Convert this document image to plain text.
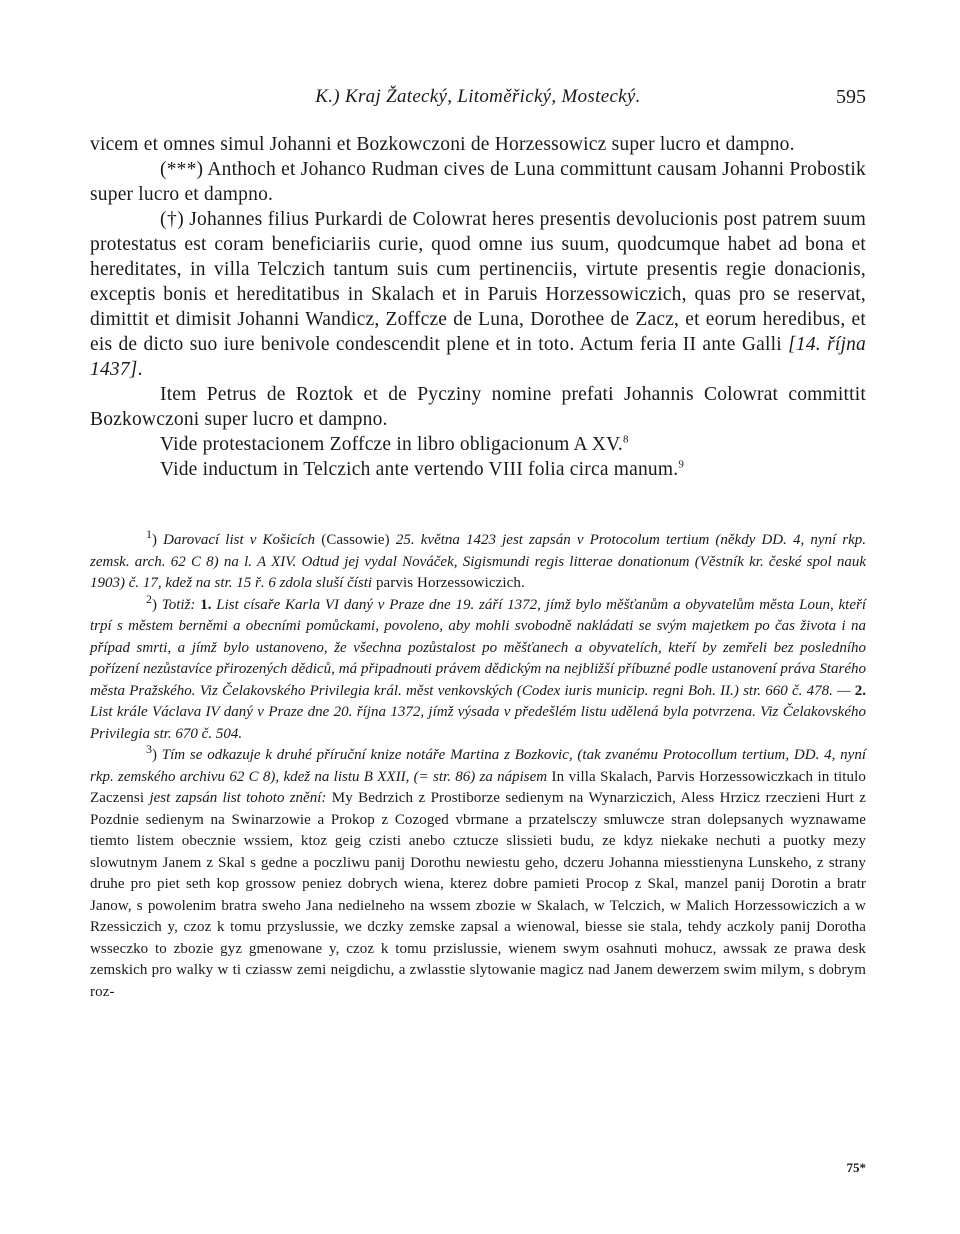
K.) Kraj Žatecký, Litoměřický, Mostecký.	595

vicem et omnes simul Johanni et Bozkowczoni de Horzessowicz super lucro et dampno.

(***) Anthoch et Johanco Rudman cives de Luna committunt causam Johanni Probostik super lucro et dampno.

(†) Johannes filius Purkardi de Colowrat heres presentis devolucionis post patrem suum protestatus est coram beneficiariis curie, quod omne ius suum, quodcumque habet ad bona et hereditates, in villa Telczich tantum suis cum pertinenciis, virtute presentis regie donacionis, exceptis bonis et hereditatibus in Skalach et in Paruis Horzessowiczich, quas pro se reservat, dimittit et dimisit Johanni Wandicz, Zoffcze de Luna, Dorothee de Zacz, et eorum heredibus, et eis de dicto suo iure benivole condescendit plene et in toto. Actum feria II ante Galli [14. října 1437].

Item Petrus de Roztok et de Pycziny nomine prefati Johannis Colowrat committit Bozkowczoni super lucro et dampno.

Vide protestacionem Zoffcze in libro obligacionum A XV.$^8$

Vide inductum in Telczich ante vertendo VIII folia circa manum.$^9$

$^1$) Darovací list v Košicích (Cassowie) 25. května 1423 jest zapsán v Protocolum tertium (někdy DD. 4, nyní rkp. zemsk. arch. 62 C 8) na l. A XIV. Odtud jej vydal Nováček, Sigismundi regis litterae donationum (Věstník kr. české spol nauk 1903) č. 17, kdež na str. 15 ř. 6 zdola sluší čísti parvis Horzessowiczich.

$^2$) Totiž: 1. List císaře Karla VI daný v Praze dne 19. září 1372, jímž bylo měšťanům a obyvatelům města Loun, kteří trpí s městem berněmi a obecními pomůckami, povoleno, aby mohli svobodně nakládati se svým majetkem po čas života i na případ smrti, a jímž bylo ustanoveno, že všechna pozůstalost po měšťanech a obyvatelích, kteří by zemřeli bez posledního pořízení nezůstavíce přirozených dědiců, má připadnouti právem dědickým na nejbližší příbuzné podle ustanovení práva Starého města Pražského. Viz Čelakovského Privilegia král. měst venkovských (Codex iuris municip. regni Boh. II.) str. 660 č. 478. — 2. List krále Václava IV daný v Praze dne 20. října 1372, jímž výsada v předešlém listu udělená byla potvrzena. Viz Čelakovského Privilegia str. 670 č. 504.

$^3$) Tím se odkazuje k druhé příruční knize notáře Martina z Bozkovic, (tak zvanému Protocollum tertium, DD. 4, nyní rkp. zemského archivu 62 C 8), kdež na listu B XXII, (= str. 86) za nápisem In villa Skalach, Parvis Horzessowiczkach in titulo Zaczensi jest zapsán list tohoto znění: My Bedrzich z Prostiborze sedienym na Wynarziczich, Aless Hrzicz rzeczieni Hurt z Pozdnie sedienym na Swinarzowie a Prokop z Cozoged vbrmane a przatelsczy smluwcze stran dolepsanych wyznawame tiemto listem obecznie wssiem, ktoz geig czisti anebo cztucze slissieti budu, ze kdyz niekake nechuti a puotky mezy slowutnym Janem z Skal s gedne a poczliwu panij Dorothu newiestu geho, dczeru Johanna miesstienyna Lunskeho, z strany druhe pro piet seth kop grossow peniez dobrych wiena, kterez dobre pamieti Procop z Skal, manzel panij Dorotin a bratr Janow, s powolenim bratra sweho Jana nedielneho na wssem zbozie w Skalach, w Telczich, w Malich Horzessowiczich a w Rzessiczich y, czoz k tomu przyslussie, we dczky zemske zapsal a wienowal, biesse sie stala, tehdy aczkoly panij Dorotha wsseczko to zbozie gyz gmenowane y, czoz k tomu przislussie, wienem swym osahnuti mohucz, awssak ze prawa desk zemskich pro walky w ti cziassw zemi neigdichu, a zwlasstie slytowanie magicz nad Janem dewerzem swim milym, s dobrym roz-

75*
